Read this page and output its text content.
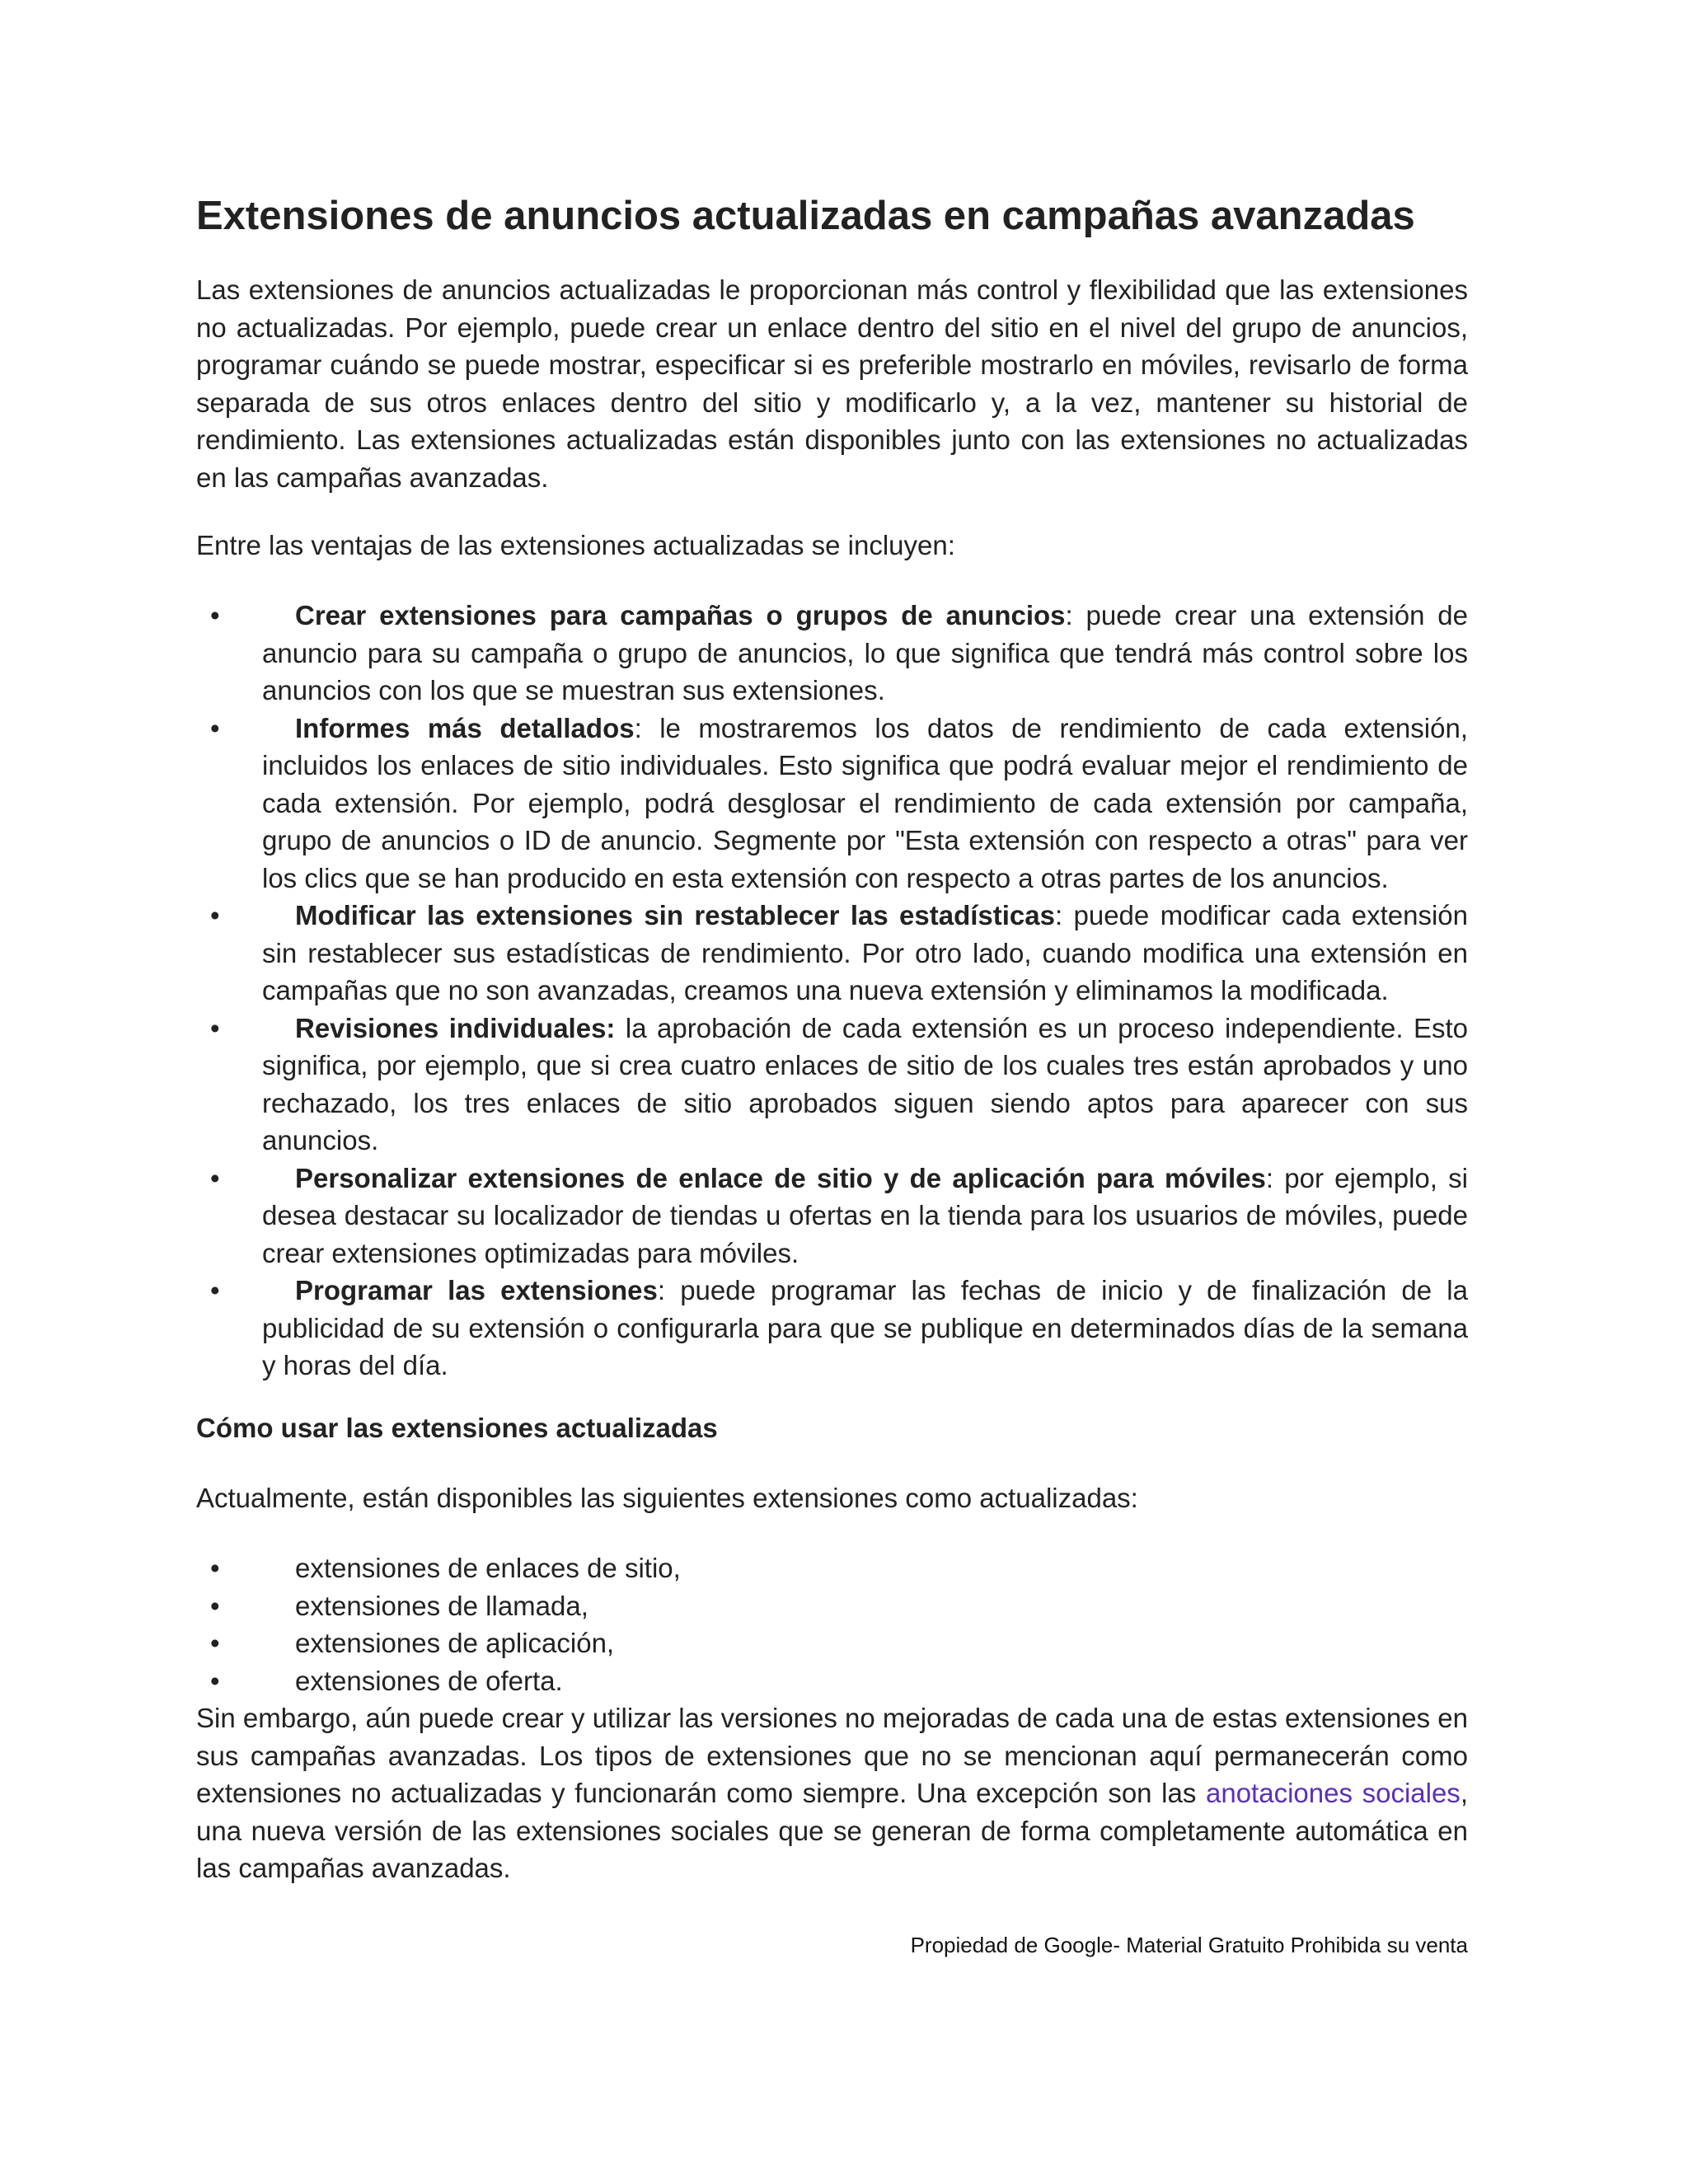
Extensiones de anuncios actualizadas en campañas avanzadas

Las extensiones de anuncios actualizadas le proporcionan más control y flexibilidad que las extensiones no actualizadas. Por ejemplo, puede crear un enlace dentro del sitio en el nivel del grupo de anuncios, programar cuándo se puede mostrar, especificar si es preferible mostrarlo en móviles, revisarlo de forma separada de sus otros enlaces dentro del sitio y modificarlo y, a la vez, mantener su historial de rendimiento. Las extensiones actualizadas están disponibles junto con las extensiones no actualizadas en las campañas avanzadas.

Entre las ventajas de las extensiones actualizadas se incluyen:

•	Crear extensiones para campañas o grupos de anuncios: puede crear una extensión de anuncio para su campaña o grupo de anuncios, lo que significa que tendrá más control sobre los anuncios con los que se muestran sus extensiones.
•	Informes más detallados: le mostraremos los datos de rendimiento de cada extensión, incluidos los enlaces de sitio individuales. Esto significa que podrá evaluar mejor el rendimiento de cada extensión. Por ejemplo, podrá desglosar el rendimiento de cada extensión por campaña, grupo de anuncios o ID de anuncio. Segmente por "Esta extensión con respecto a otras" para ver los clics que se han producido en esta extensión con respecto a otras partes de los anuncios.
•	Modificar las extensiones sin restablecer las estadísticas: puede modificar cada extensión sin restablecer sus estadísticas de rendimiento. Por otro lado, cuando modifica una extensión en campañas que no son avanzadas, creamos una nueva extensión y eliminamos la modificada.
•	Revisiones individuales: la aprobación de cada extensión es un proceso independiente. Esto significa, por ejemplo, que si crea cuatro enlaces de sitio de los cuales tres están aprobados y uno rechazado, los tres enlaces de sitio aprobados siguen siendo aptos para aparecer con sus anuncios.
•	Personalizar extensiones de enlace de sitio y de aplicación para móviles: por ejemplo, si desea destacar su localizador de tiendas u ofertas en la tienda para los usuarios de móviles, puede crear extensiones optimizadas para móviles.
•	Programar las extensiones: puede programar las fechas de inicio y de finalización de la publicidad de su extensión o configurarla para que se publique en determinados días de la semana y horas del día.

Cómo usar las extensiones actualizadas

Actualmente, están disponibles las siguientes extensiones como actualizadas:

•	extensiones de enlaces de sitio,
•	extensiones de llamada,
•	extensiones de aplicación,
•	extensiones de oferta.

Sin embargo, aún puede crear y utilizar las versiones no mejoradas de cada una de estas extensiones en sus campañas avanzadas. Los tipos de extensiones que no se mencionan aquí permanecerán como extensiones no actualizadas y funcionarán como siempre. Una excepción son las anotaciones sociales, una nueva versión de las extensiones sociales que se generan de forma completamente automática en las campañas avanzadas.

Propiedad de Google- Material Gratuito Prohibida su venta
